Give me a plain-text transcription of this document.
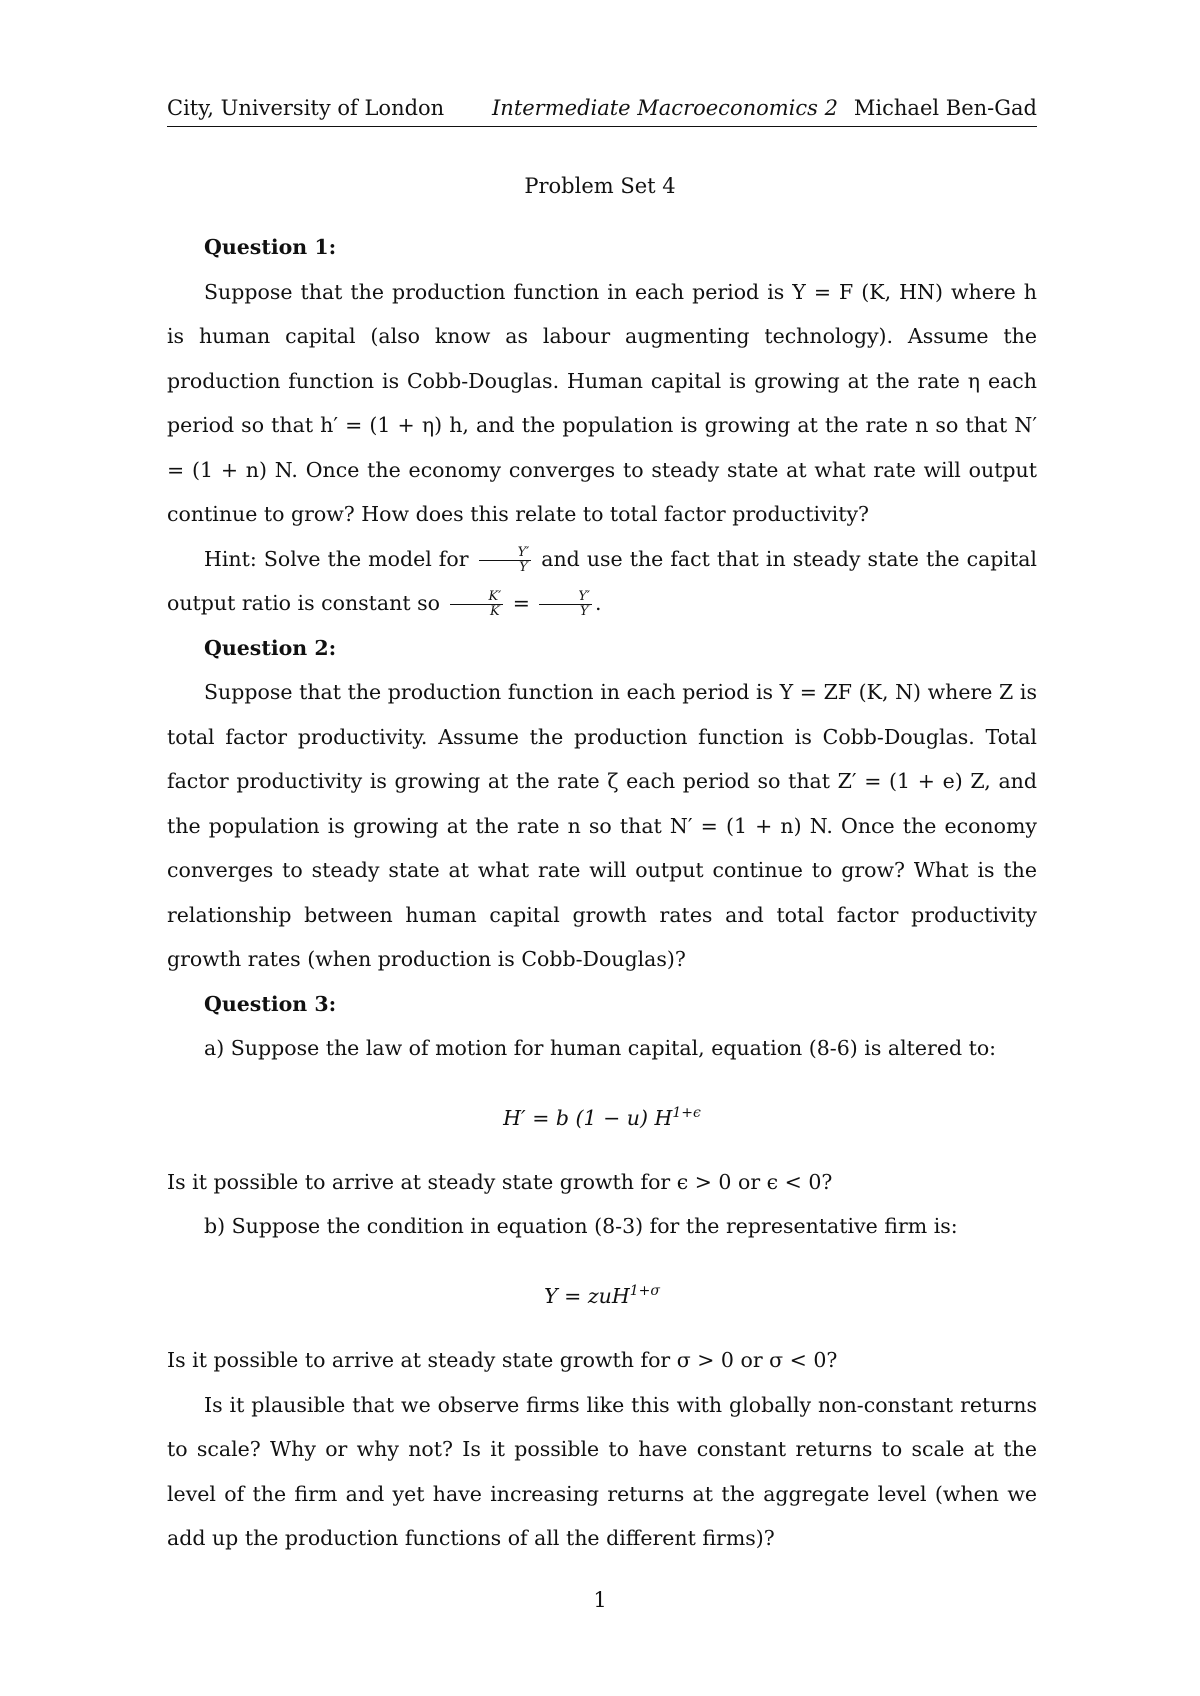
City, University of London Intermediate Macroeconomics 2 Michael Ben-Gad
Problem Set 4

Question 1:

Suppose that the production function in each period is Y = F (K, HN) where h is human capital (also know as labour augmenting technology). Assume the production function is Cobb-Douglas. Human capital is growing at the rate η each period so that h′ = (1 + η) h, and the population is growing at the rate n so that N′ = (1 + n) N. Once the economy converges to steady state at what rate will output continue to grow? How does this relate to total factor productivity?

Hint: Solve the model for $\frac{Y'}{Y}$ and use the fact that in steady state the capital output ratio is constant so $\frac{K'}{K} = \frac{Y'}{Y}$ .

Question 2:

Suppose that the production function in each period is Y = ZF (K, N) where Z is total factor productivity. Assume the production function is Cobb-Douglas. Total factor productivity is growing at the rate ζ each period so that Z′ = (1 + e) Z, and the population is growing at the rate n so that N′ = (1 + n) N. Once the economy converges to steady state at what rate will output continue to grow? What is the relationship between human capital growth rates and total factor productivity growth rates (when production is Cobb-Douglas)?

Question 3:

a) Suppose the law of motion for human capital, equation (8-6) is altered to:

H′ = b (1 − u) $H^{1+\epsilon}$

Is it possible to arrive at steady state growth for ϵ > 0 or ϵ < 0?

b) Suppose the condition in equation (8-3) for the representative firm is:

Y = zuH$^{1+\sigma}$

Is it possible to arrive at steady state growth for σ > 0 or σ < 0?

Is it plausible that we observe firms like this with globally non-constant returns to scale? Why or why not? Is it possible to have constant returns to scale at the level of the firm and yet have increasing returns at the aggregate level (when we add up the production functions of all the different firms)?

1
